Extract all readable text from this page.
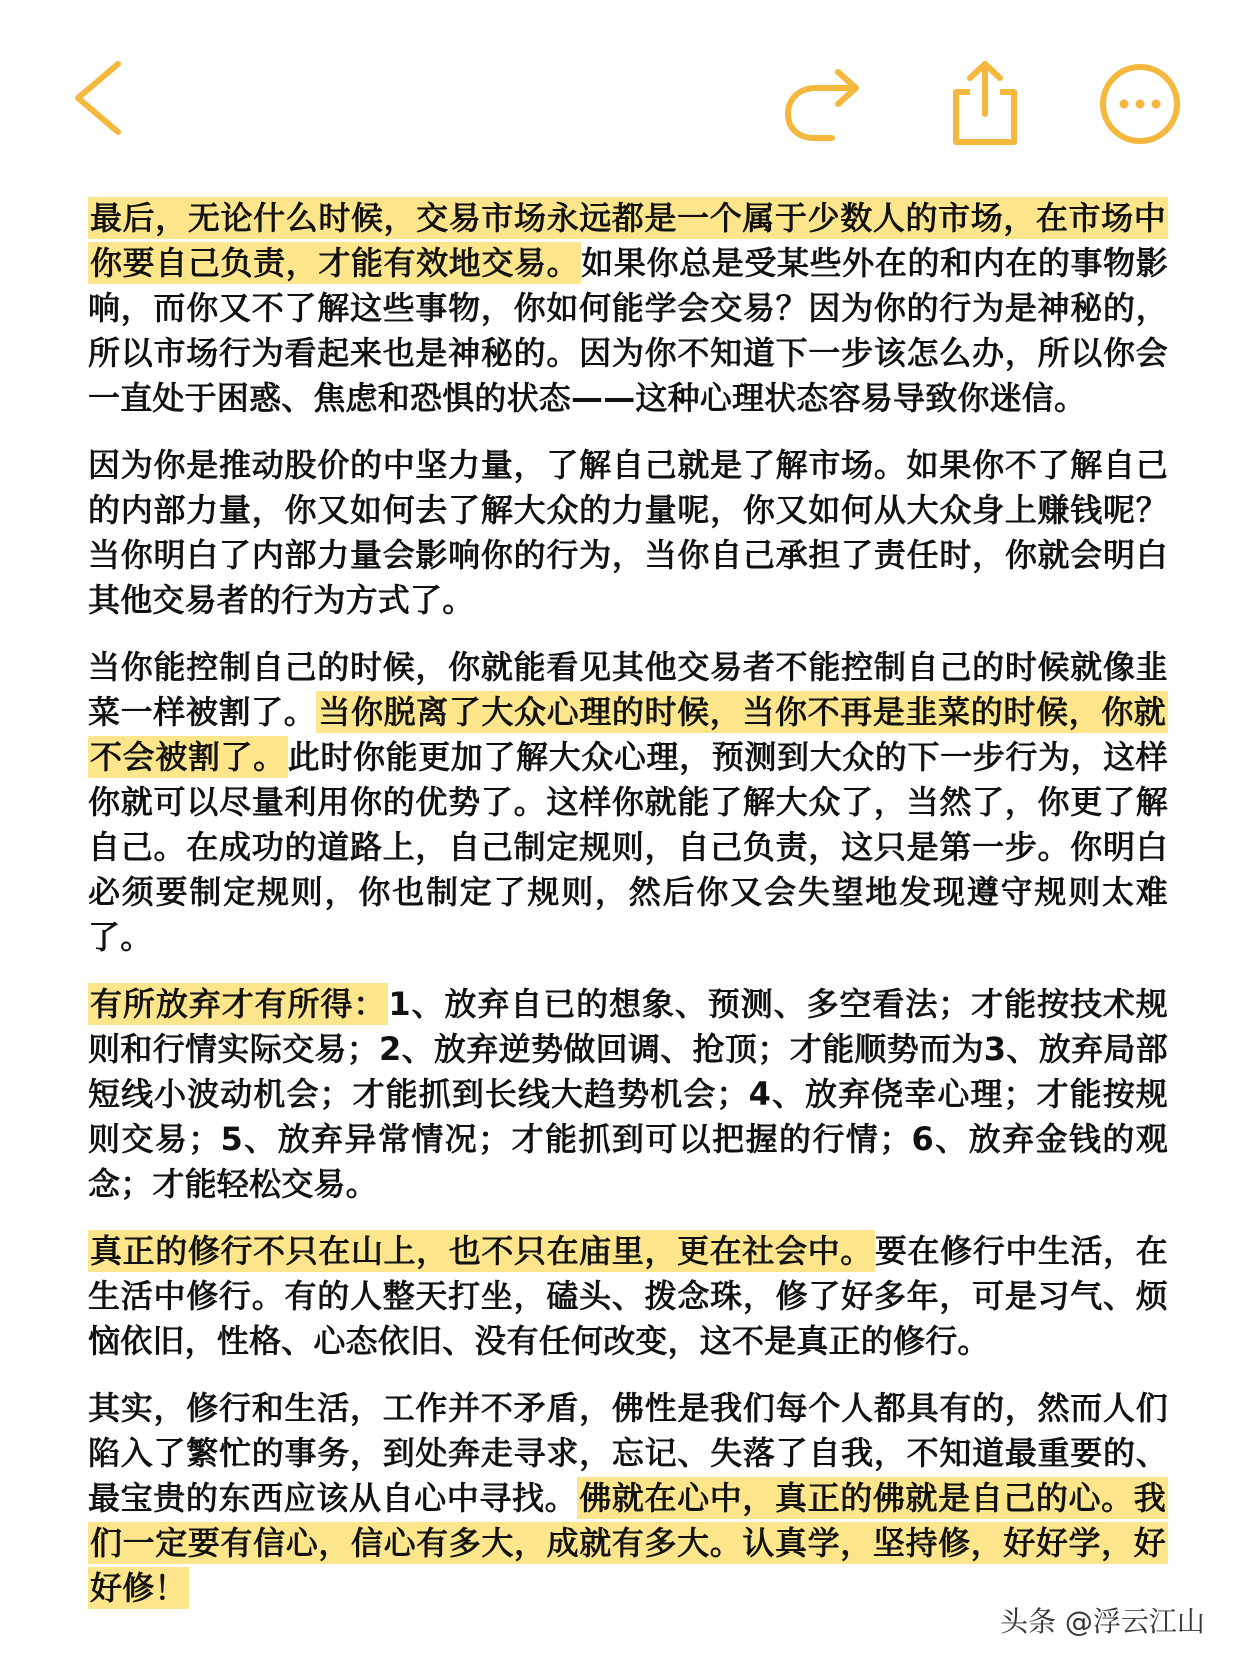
最后，无论什么时候，交易市场永远都是一个属于少数人的市场，在市场中你要自己负责，才能有效地交易。如果你总是受某些外在的和内在的事物影响，而你又不了解这些事物，你如何能学会交易？因为你的行为是神秘的，所以市场行为看起来也是神秘的。因为你不知道下一步该怎么办，所以你会一直处于困惑、焦虑和恐惧的状态——这种心理状态容易导致你迷信。

因为你是推动股价的中坚力量，了解自己就是了解市场。如果你不了解自己的内部力量，你又如何去了解大众的力量呢，你又如何从大众身上赚钱呢？当你明白了内部力量会影响你的行为，当你自己承担了责任时，你就会明白其他交易者的行为方式了。

当你能控制自己的时候，你就能看见其他交易者不能控制自己的时候就像韭菜一样被割了。当你脱离了大众心理的时候，当你不再是韭菜的时候，你就不会被割了。此时你能更加了解大众心理，预测到大众的下一步行为，这样你就可以尽量利用你的优势了。这样你就能了解大众了，当然了，你更了解自己。在成功的道路上，自己制定规则，自己负责，这只是第一步。你明白必须要制定规则，你也制定了规则，然后你又会失望地发现遵守规则太难了。

有所放弃才有所得：1、放弃自已的想象、预测、多空看法；才能按技术规则和行情实际交易；2、放弃逆势做回调、抢顶；才能顺势而为3、放弃局部短线小波动机会；才能抓到长线大趋势机会；4、放弃侥幸心理；才能按规则交易；5、放弃异常情况；才能抓到可以把握的行情；6、放弃金钱的观念；才能轻松交易。

真正的修行不只在山上，也不只在庙里，更在社会中。要在修行中生活，在生活中修行。有的人整天打坐，磕头、拨念珠，修了好多年，可是习气、烦恼依旧，性格、心态依旧、没有任何改变，这不是真正的修行。

其实，修行和生活，工作并不矛盾，佛性是我们每个人都具有的，然而人们陷入了繁忙的事务，到处奔走寻求，忘记、失落了自我，不知道最重要的、最宝贵的东西应该从自心中寻找。佛就在心中，真正的佛就是自己的心。我们一定要有信心，信心有多大，成就有多大。认真学，坚持修，好好学，好好修！

头条 @浮云江山
